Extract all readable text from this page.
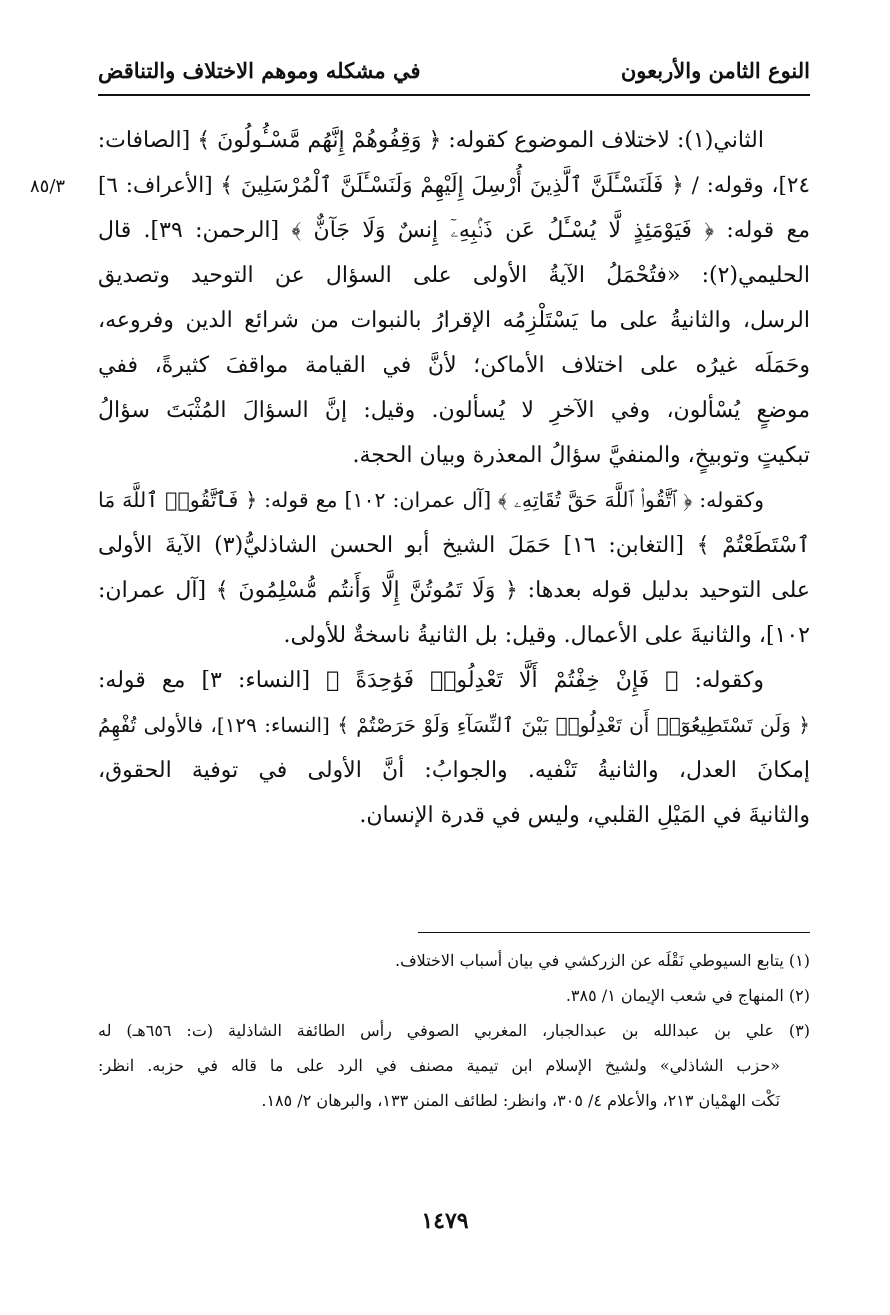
النوع الثامن والأربعون
في مشكله وموهم الاختلاف والتناقض
٨٥/٣
الثاني(١): لاختلاف الموضوع كقوله: ﴿ وَقِفُوهُمْ إِنَّهُم مَّسْـُٔولُونَ ﴾ [الصافات:
٢٤]، وقوله: / ﴿ فَلَنَسْـَٔلَنَّ ٱلَّذِينَ أُرْسِلَ إِلَيْهِمْ وَلَنَسْـَٔلَنَّ ٱلْمُرْسَلِينَ ﴾ [الأعراف: ٦]
مع قوله: ﴿ فَيَوْمَئِذٍ لَّا يُسْـَٔلُ عَن ذَنۢبِهِۦٓ إِنسٌ وَلَا جَآنٌّ ﴾ [الرحمن: ٣٩]. قال
الحليمي(٢): «فتُحْمَلُ الآيةُ الأولى على السؤال عن التوحيد وتصديق
الرسل، والثانيةُ على ما يَسْتَلْزِمُه الإقرارُ بالنبوات من شرائع الدين وفروعه،
وحَمَلَه غيرُه على اختلاف الأماكن؛ لأنَّ في القيامة مواقفَ كثيرةً، ففي
موضعٍ يُسْألون، وفي الآخرِ لا يُسألون. وقيل: إنَّ السؤالَ المُثْبَتَ سؤالُ
تبكيتٍ وتوبيخٍ، والمنفيَّ سؤالُ المعذرة وبيان الحجة.
وكقوله: ﴿ ٱتَّقُوا۟ ٱللَّهَ حَقَّ تُقَاتِهِۦ ﴾ [آل عمران: ١٠٢] مع قوله: ﴿ فَٱتَّقُوا۟ ٱللَّهَ مَا
ٱسْتَطَعْتُمْ ﴾ [التغابن: ١٦] حَمَلَ الشيخ أبو الحسن الشاذليُّ(٣) الآيةَ الأولى
على التوحيد بدليل قوله بعدها: ﴿ وَلَا تَمُوتُنَّ إِلَّا وَأَنتُم مُّسْلِمُونَ ﴾ [آل عمران:
١٠٢]، والثانيةَ على الأعمال. وقيل: بل الثانيةُ ناسخةٌ للأولى.
وكقوله: ﴿ فَإِنْ خِفْتُمْ أَلَّا تَعْدِلُوا۟ فَوَٰحِدَةً ﴾ [النساء: ٣] مع قوله:
﴿ وَلَن تَسْتَطِيعُوٓا۟ أَن تَعْدِلُوا۟ بَيْنَ ٱلنِّسَآءِ وَلَوْ حَرَصْتُمْ ﴾ [النساء: ١٢٩]، فالأولى تُفْهِمُ
إمكانَ العدل، والثانيةُ تَنْفيه. والجوابُ: أنَّ الأولى في توفية الحقوق،
والثانيةَ في المَيْلِ القلبي، وليس في قدرة الإنسان.
(١) يتابع السيوطي نَقْلَه عن الزركشي في بيان أسباب الاختلاف.
(٢) المنهاج في شعب الإيمان ١/ ٣٨٥.
(٣) علي بن عبدالله بن عبدالجبار، المغربي الصوفي رأس الطائفة الشاذلية (ت: ٦٥٦هـ) له
«حزب الشاذلي» ولشيخ الإسلام ابن تيمية مصنف في الرد على ما قاله في حزبه. انظر:
نَكْت الهمْيان ٢١٣، والأعلام ٤/ ٣٠٥، وانظر: لطائف المنن ١٣٣، والبرهان ٢/ ١٨٥.
١٤٧٩
